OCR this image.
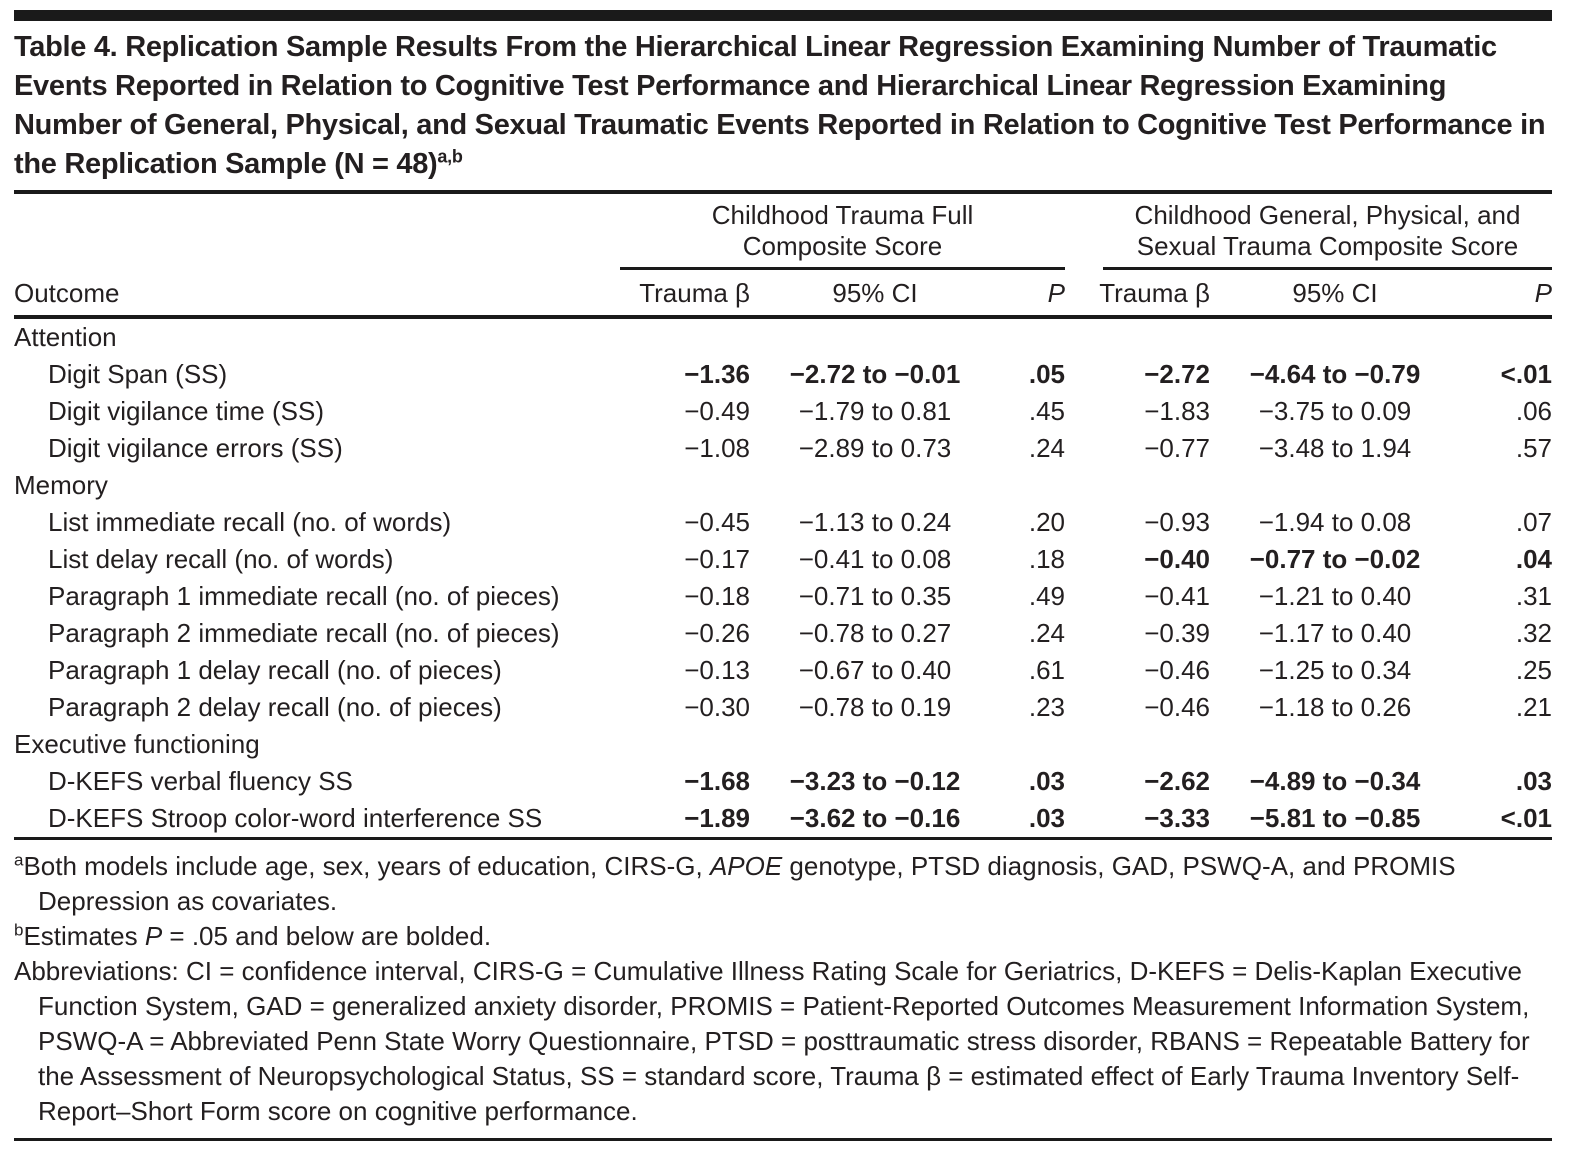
Table 4. Replication Sample Results From the Hierarchical Linear Regression Examining Number of Traumatic Events Reported in Relation to Cognitive Test Performance and Hierarchical Linear Regression Examining Number of General, Physical, and Sexual Traumatic Events Reported in Relation to Cognitive Test Performance in the Replication Sample (N = 48)$^{a,b}$
Childhood Trauma Full
Composite Score
Childhood General, Physical, and
Sexual Trauma Composite Score
Outcome	Trauma β	95% CI	P	Trauma β	95% CI	P
Attention
Digit Span (SS)	−1.36	−2.72 to −0.01	.05	−2.72	−4.64 to −0.79	<.01
Digit vigilance time (SS)	−0.49	−1.79 to 0.81	.45	−1.83	−3.75 to 0.09	.06
Digit vigilance errors (SS)	−1.08	−2.89 to 0.73	.24	−0.77	−3.48 to 1.94	.57
Memory
List immediate recall (no. of words)	−0.45	−1.13 to 0.24	.20	−0.93	−1.94 to 0.08	.07
List delay recall (no. of words)	−0.17	−0.41 to 0.08	.18	−0.40	−0.77 to −0.02	.04
Paragraph 1 immediate recall (no. of pieces)	−0.18	−0.71 to 0.35	.49	−0.41	−1.21 to 0.40	.31
Paragraph 2 immediate recall (no. of pieces)	−0.26	−0.78 to 0.27	.24	−0.39	−1.17 to 0.40	.32
Paragraph 1 delay recall (no. of pieces)	−0.13	−0.67 to 0.40	.61	−0.46	−1.25 to 0.34	.25
Paragraph 2 delay recall (no. of pieces)	−0.30	−0.78 to 0.19	.23	−0.46	−1.18 to 0.26	.21
Executive functioning
D-KEFS verbal fluency SS	−1.68	−3.23 to −0.12	.03	−2.62	−4.89 to −0.34	.03
D-KEFS Stroop color-word interference SS	−1.89	−3.62 to −0.16	.03	−3.33	−5.81 to −0.85	<.01

$^a$Both models include age, sex, years of education, CIRS-G, APOE genotype, PTSD diagnosis, GAD, PSWQ-A, and PROMIS Depression as covariates.

$^b$Estimates P = .05 and below are bolded.

Abbreviations: CI = confidence interval, CIRS-G = Cumulative Illness Rating Scale for Geriatrics, D-KEFS = Delis-Kaplan Executive Function System, GAD = generalized anxiety disorder, PROMIS = Patient-Reported Outcomes Measurement Information System, PSWQ-A = Abbreviated Penn State Worry Questionnaire, PTSD = posttraumatic stress disorder, RBANS = Repeatable Battery for the Assessment of Neuropsychological Status, SS = standard score, Trauma β = estimated effect of Early Trauma Inventory Self-Report–Short Form score on cognitive performance.
